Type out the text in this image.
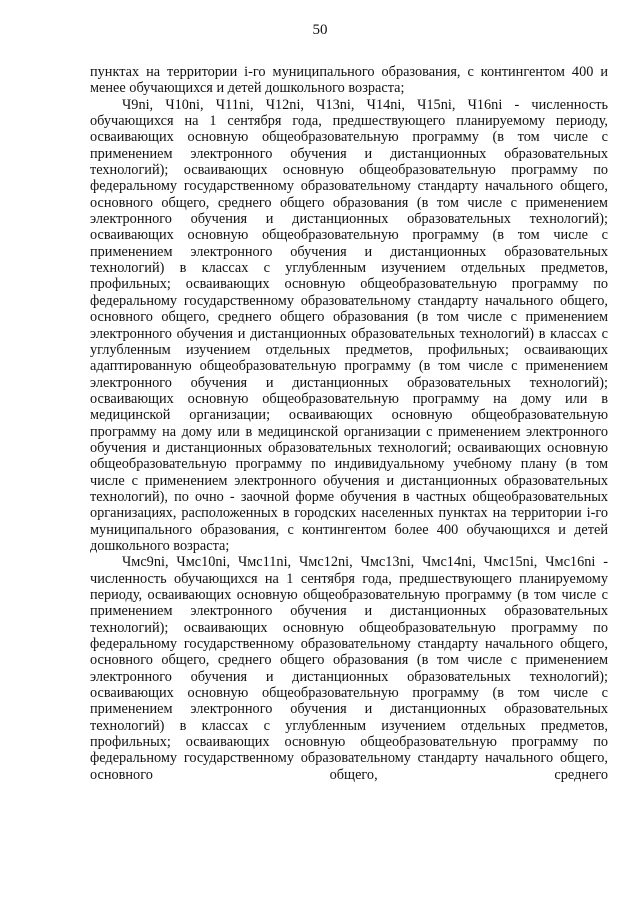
50

пунктах на территории i-го муниципального образования, с контингентом 400 и менее обучающихся и детей дошкольного возраста;

Ч9ni, Ч10ni, Ч11ni, Ч12ni, Ч13ni, Ч14ni, Ч15ni, Ч16ni - численность обучающихся на 1 сентября года, предшествующего планируемому периоду, осваивающих основную общеобразовательную программу (в том числе с применением электронного обучения и дистанционных образовательных технологий); осваивающих основную общеобразовательную программу по федеральному государственному образовательному стандарту начального общего, основного общего, среднего общего образования (в том числе с применением электронного обучения и дистанционных образовательных технологий); осваивающих основную общеобразовательную программу (в том числе с применением электронного обучения и дистанционных образовательных технологий) в классах с углубленным изучением отдельных предметов, профильных; осваивающих основную общеобразовательную программу по федеральному государственному образовательному стандарту начального общего, основного общего, среднего общего образования (в том числе с применением электронного обучения и дистанционных образовательных технологий) в классах с углубленным изучением отдельных предметов, профильных; осваивающих адаптированную общеобразовательную программу (в том числе с применением электронного обучения и дистанционных образовательных технологий); осваивающих основную общеобразовательную программу на дому или в медицинской организации; осваивающих основную общеобразовательную программу на дому или в медицинской организации с применением электронного обучения и дистанционных образовательных технологий; осваивающих основную общеобразовательную программу по индивидуальному учебному плану (в том числе с применением электронного обучения и дистанционных образовательных технологий), по очно - заочной форме обучения в частных общеобразовательных организациях, расположенных в городских населенных пунктах на территории i-го муниципального образования, с контингентом более 400 обучающихся и детей дошкольного возраста;

Чмс9ni, Чмс10ni, Чмс11ni, Чмс12ni, Чмс13ni, Чмс14ni, Чмс15ni, Чмс16ni - численность обучающихся на 1 сентября года, предшествующего планируемому периоду, осваивающих основную общеобразовательную программу (в том числе с применением электронного обучения и дистанционных образовательных технологий); осваивающих основную общеобразовательную программу по федеральному государственному образовательному стандарту начального общего, основного общего, среднего общего образования (в том числе с применением электронного обучения и дистанционных образовательных технологий); осваивающих основную общеобразовательную программу (в том числе с применением электронного обучения и дистанционных образовательных технологий) в классах с углубленным изучением отдельных предметов, профильных; осваивающих основную общеобразовательную программу по федеральному государственному образовательному стандарту начального общего, основного общего, среднего
